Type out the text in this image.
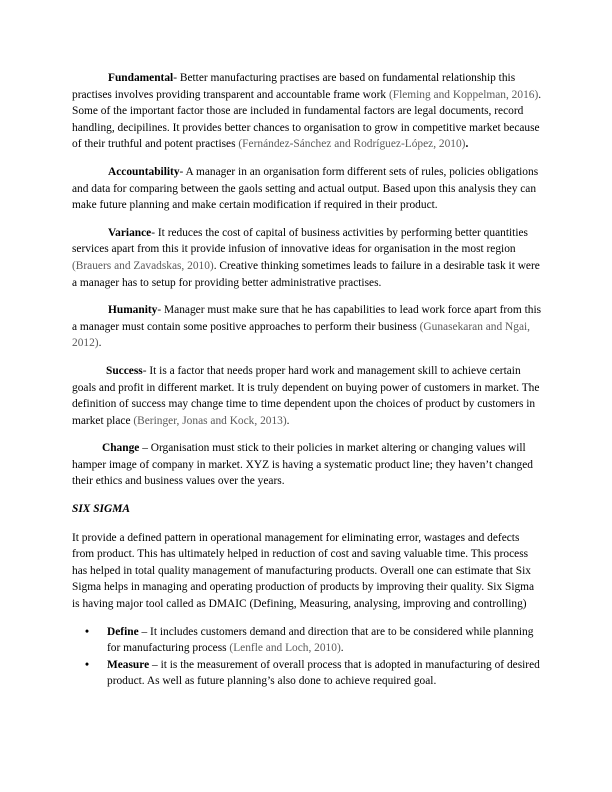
Fundamental- Better manufacturing practises are based on fundamental relationship this practises involves providing transparent and accountable frame work (Fleming and Koppelman, 2016). Some of the important factor those are included in fundamental factors are legal documents, record handling, decipilines. It provides better chances to organisation to grow in competitive market because of their truthful and potent practises (Fernández-Sánchez and Rodríguez-López, 2010).

Accountability- A manager in an organisation form different sets of rules, policies obligations and data for comparing between the gaols setting and actual output. Based upon this analysis they can make future planning and make certain modification if required in their product.

Variance- It reduces the cost of capital of business activities by performing better quantities services apart from this it provide infusion of innovative ideas for organisation in the most region (Brauers and Zavadskas, 2010). Creative thinking sometimes leads to failure in a desirable task it were a manager has to setup for providing better administrative practises.

Humanity- Manager must make sure that he has capabilities to lead work force apart from this a manager must contain some positive approaches to perform their business (Gunasekaran and Ngai, 2012).

Success- It is a factor that needs proper hard work and management skill to achieve certain goals and profit in different market. It is truly dependent on buying power of customers in market. The definition of success may change time to time dependent upon the choices of product by customers in market place (Beringer, Jonas and Kock, 2013).

Change – Organisation must stick to their policies in market altering or changing values will hamper image of company in market. XYZ is having a systematic product line; they haven’t changed their ethics and business values over the years.

SIX SIGMA

It provide a defined pattern in operational management for eliminating error, wastages and defects from product. This has ultimately helped in reduction of cost and saving valuable time. This process has helped in total quality management of manufacturing products. Overall one can estimate that Six Sigma helps in managing and operating production of products by improving their quality. Six Sigma is having major tool called as DMAIC (Defining, Measuring, analysing, improving and controlling)

• Define – It includes customers demand and direction that are to be considered while planning for manufacturing process (Lenfle and Loch, 2010).
• Measure – it is the measurement of overall process that is adopted in manufacturing of desired product. As well as future planning’s also done to achieve required goal.
